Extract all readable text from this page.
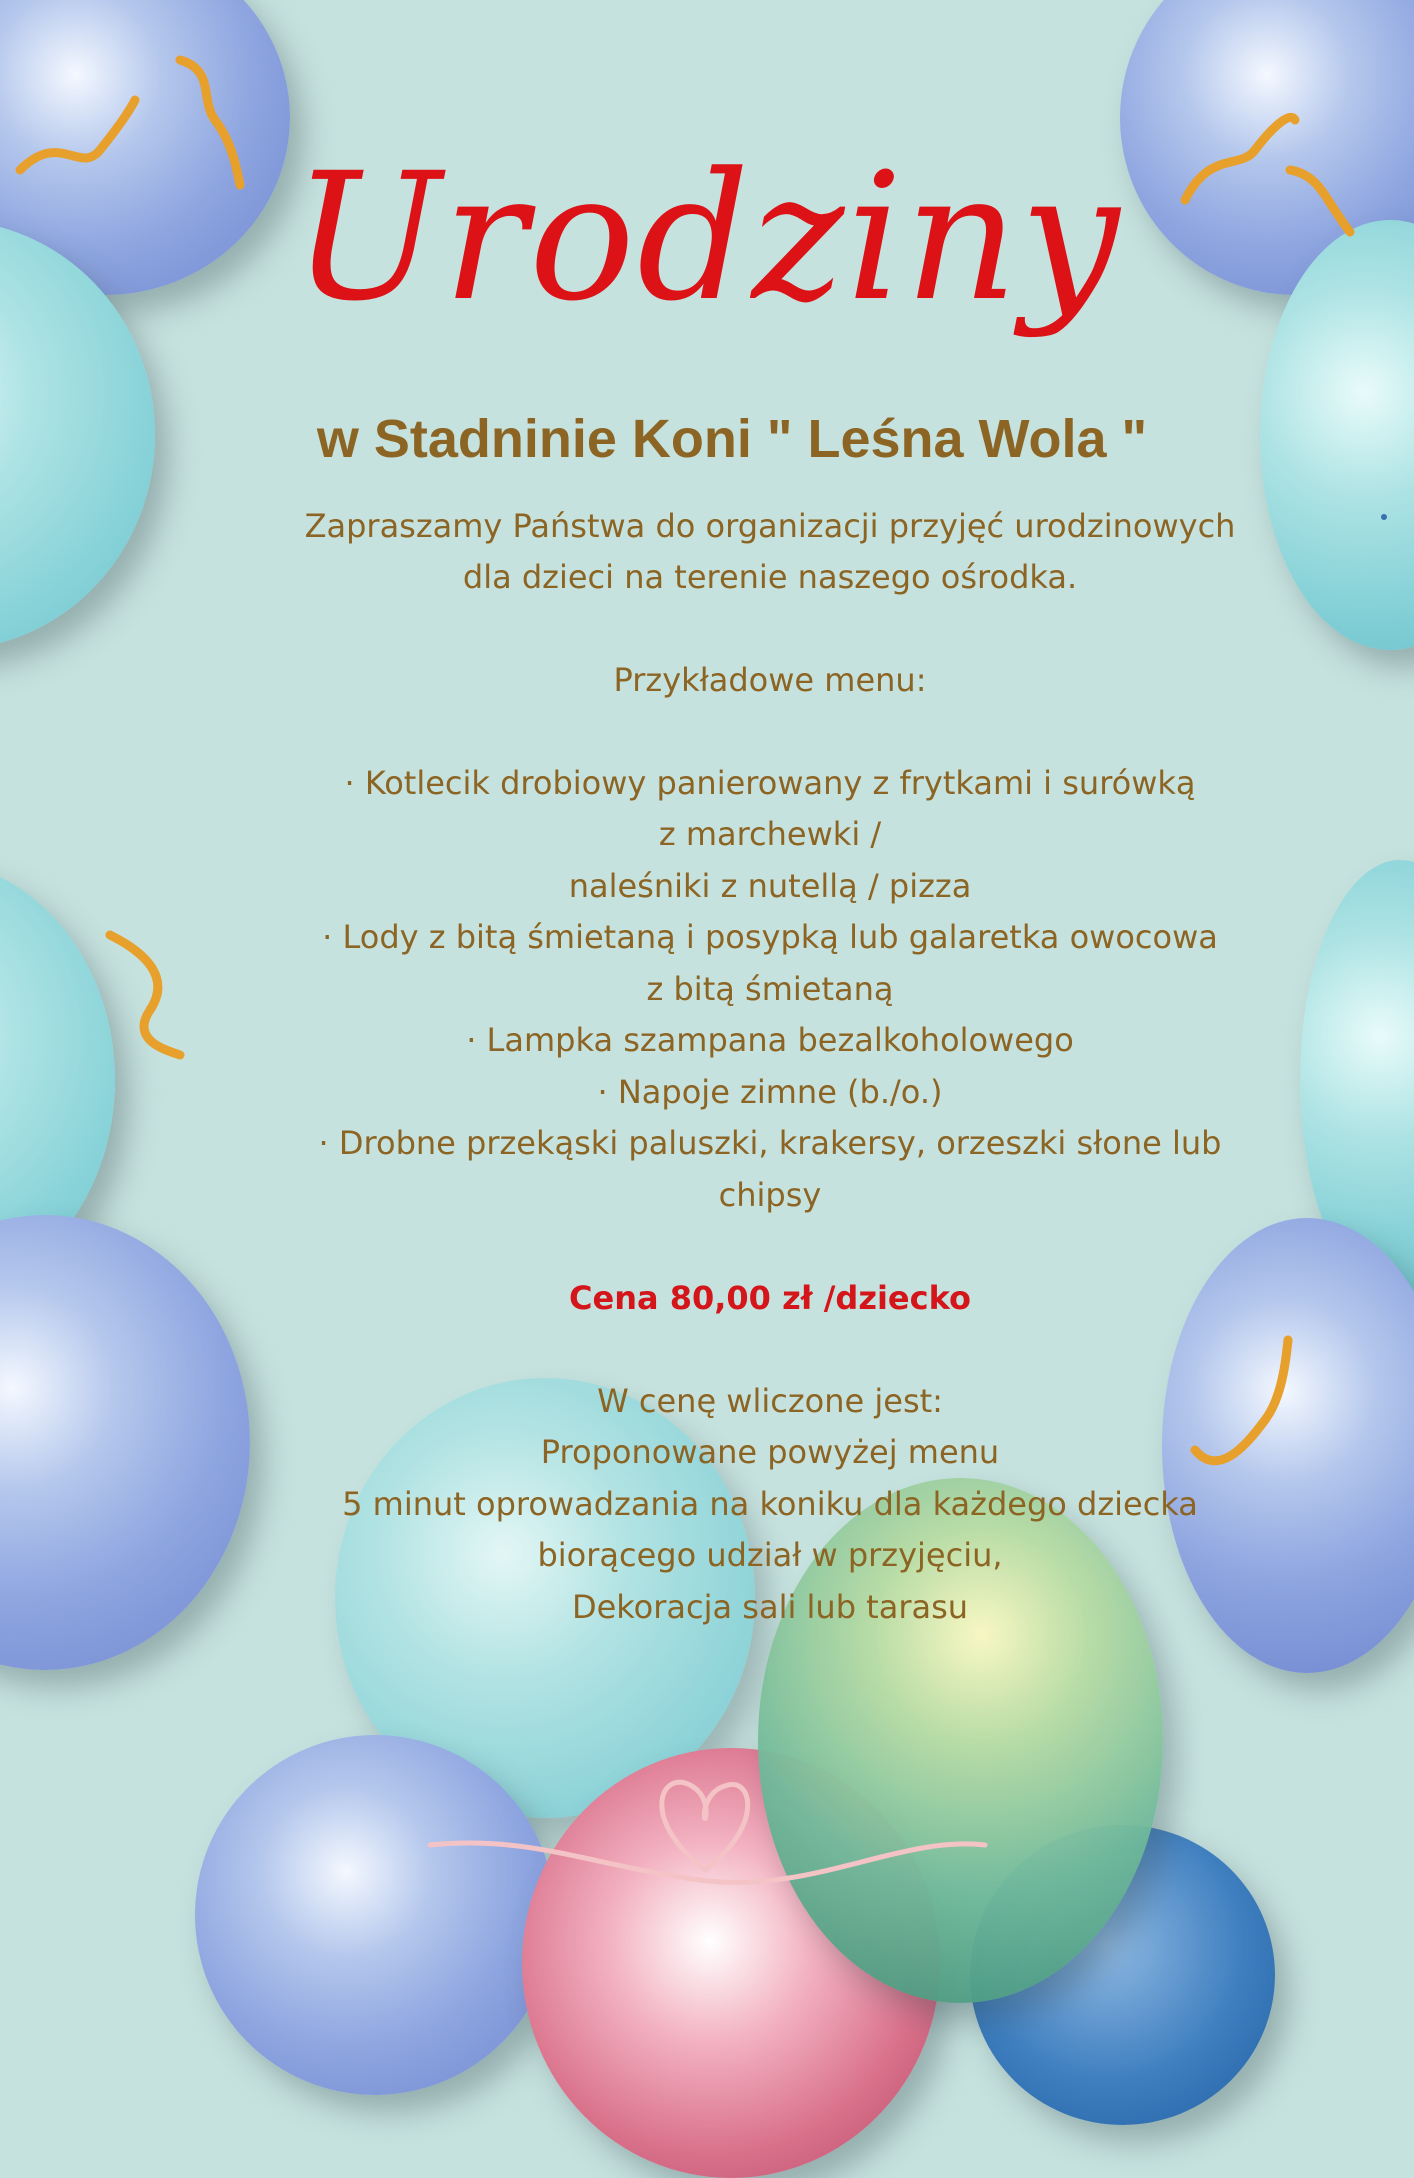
Urodziny
w Stadninie Koni " Leśna Wola "
Zapraszamy Państwa do organizacji przyjęć urodzinowych
dla dzieci na terenie naszego ośrodka.
Przykładowe menu:
· Kotlecik drobiowy panierowany z frytkami i surówką
z marchewki /
naleśniki z nutellą / pizza
· Lody z bitą śmietaną i posypką lub galaretka owocowa
z bitą śmietaną
· Lampka szampana bezalkoholowego
· Napoje zimne (b./o.)
· Drobne przekąski paluszki, krakersy, orzeszki słone lub
chipsy
Cena 80,00 zł /dziecko
W cenę wliczone jest:
Proponowane powyżej menu
5 minut oprowadzania na koniku dla każdego dziecka
biorącego udział w przyjęciu,
Dekoracja sali lub tarasu
